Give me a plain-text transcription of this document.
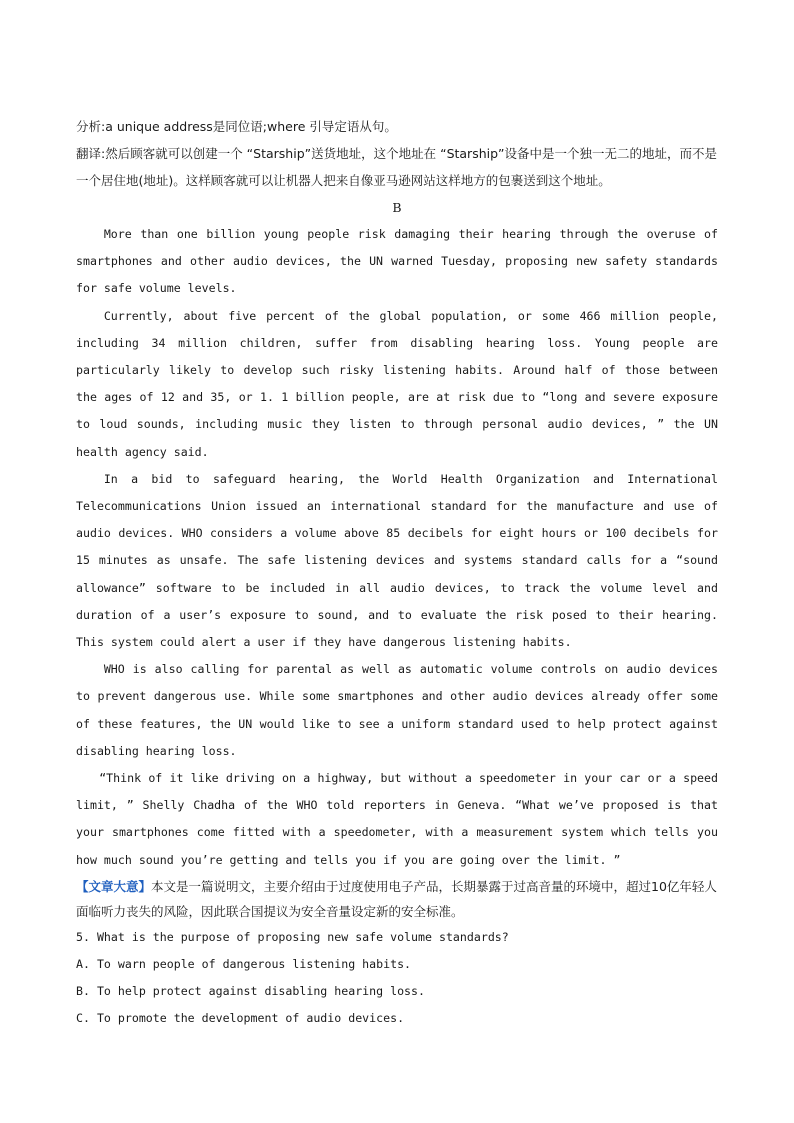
分析:a unique address是同位语;where 引导定语从句。

翻译:然后顾客就可以创建一个 “Starship”送货地址，这个地址在 “Starship”设备中是一个独一无二的地址，而不是一个居住地(地址)。这样顾客就可以让机器人把来自像亚马逊网站这样地方的包裹送到这个地址。

B

More than one billion young people risk damaging their hearing through the overuse of smartphones and other audio devices, the UN warned Tuesday, proposing new safety standards for safe volume levels.

Currently, about five percent of the global population, or some 466 million people, including 34 million children, suffer from disabling hearing loss. Young people are particularly likely to develop such risky listening habits. Around half of those between the ages of 12 and 35, or 1. 1 billion people, are at risk due to “long and severe exposure to loud sounds, including music they listen to through personal audio devices, ” the UN health agency said.

In a bid to safeguard hearing, the World Health Organization and International Telecommunications Union issued an international standard for the manufacture and use of audio devices. WHO considers a volume above 85 decibels for eight hours or 100 decibels for 15 minutes as unsafe. The safe listening devices and systems standard calls for a “sound allowance” software to be included in all audio devices, to track the volume level and duration of a user’s exposure to sound, and to evaluate the risk posed to their hearing. This system could alert a user if they have dangerous listening habits.

WHO is also calling for parental as well as automatic volume controls on audio devices to prevent dangerous use. While some smartphones and other audio devices already offer some of these features, the UN would like to see a uniform standard used to help protect against disabling hearing loss.

“Think of it like driving on a highway, but without a speedometer in your car or a speed limit, ” Shelly Chadha of the WHO told reporters in Geneva. “What we’ve proposed is that your smartphones come fitted with a speedometer, with a measurement system which tells you how much sound you’re getting and tells you if you are going over the limit. ”

【文章大意】本文是一篇说明文，主要介绍由于过度使用电子产品，长期暴露于过高音量的环境中，超过10亿年轻人面临听力丧失的风险，因此联合国提议为安全音量设定新的安全标准。

5. What is the purpose of proposing new safe volume standards?

A. To warn people of dangerous listening habits.

B. To help protect against disabling hearing loss.

C. To promote the development of audio devices.
